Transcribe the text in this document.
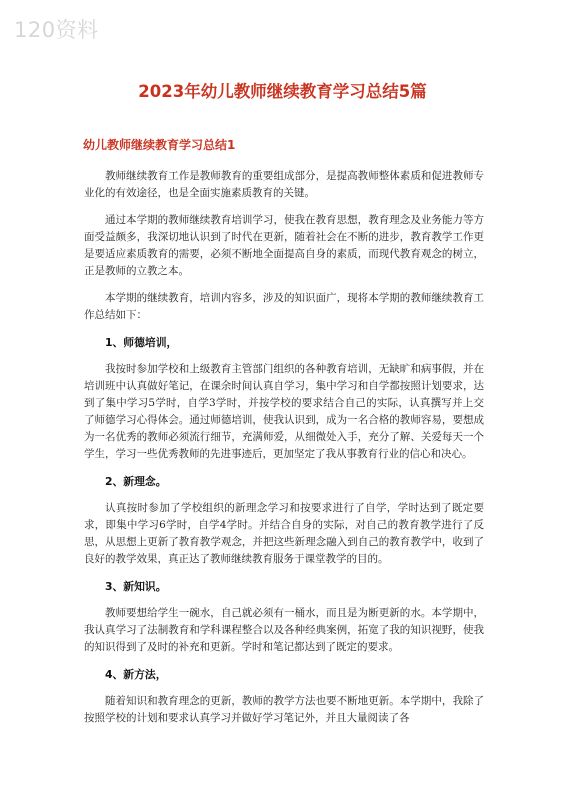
120资料
2023年幼儿教师继续教育学习总结5篇
幼儿教师继续教育学习总结1

教师继续教育工作是教师教育的重要组成部分，是提高教师整体素质和促进教师专业化的有效途径，也是全面实施素质教育的关键。

通过本学期的教师继续教育培训学习，使我在教育思想，教育理念及业务能力等方面受益颇多，我深切地认识到了时代在更新，随着社会在不断的进步，教育教学工作更是要适应素质教育的需要，必须不断地全面提高自身的素质，而现代教育观念的树立，正是教师的立教之本。

本学期的继续教育，培训内容多，涉及的知识面广，现将本学期的教师继续教育工作总结如下：

1、师德培训，

我按时参加学校和上级教育主管部门组织的各种教育培训，无缺旷和病事假，并在培训班中认真做好笔记，在课余时间认真自学习，集中学习和自学都按照计划要求，达到了集中学习5学时，自学3学时，并按学校的要求结合自己的实际，认真撰写并上交了师德学习心得体会。通过师德培训，使我认识到，成为一名合格的教师容易，要想成为一名优秀的教师必须流行细节，充满师爱，从细微处入手，充分了解、关爱每天一个学生，学习一些优秀教师的先进事迹后，更加坚定了我从事教育行业的信心和决心。

2、新理念。

认真按时参加了学校组织的新理念学习和按要求进行了自学，学时达到了既定要求，即集中学习6学时，自学4学时。并结合自身的实际，对自己的教育教学进行了反思，从思想上更新了教育教学观念，并把这些新理念融入到自己的教育教学中，收到了良好的教学效果，真正达了教师继续教育服务于课堂教学的目的。

3、新知识。

教师要想给学生一碗水，自己就必须有一桶水，而且是为断更新的水。本学期中，我认真学习了法制教育和学科课程整合以及各种经典案例，拓宽了我的知识视野，使我的知识得到了及时的补充和更新。学时和笔记都达到了既定的要求。

4、新方法，

随着知识和教育理念的更新，教师的教学方法也要不断地更新。本学期中，我除了按照学校的计划和要求认真学习并做好学习笔记外，并且大量阅读了各
